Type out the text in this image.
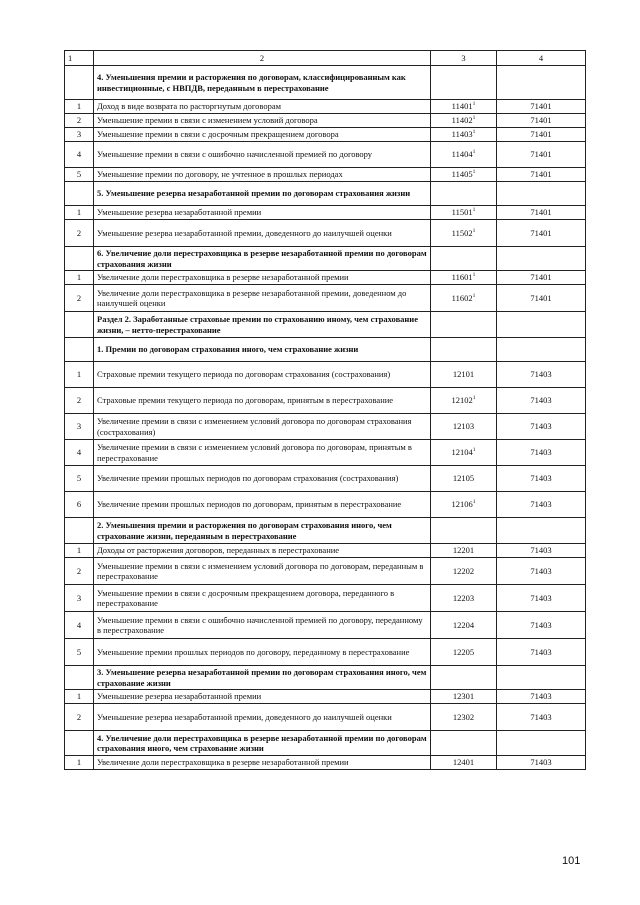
1	2	3	4
	4. Уменьшения премии и расторжения по договорам, классифицированным как инвестиционные, с НВПДВ, переданным в перестрахование		
1	Доход в виде возврата по расторгнутым договорам	11401$^1$	71401
2	Уменьшение премии в связи с изменением условий договора	11402$^1$	71401
3	Уменьшение премии в связи с досрочным прекращением договора	11403$^1$	71401
4	Уменьшение премии в связи с ошибочно начисленной премией по договору	11404$^1$	71401
5	Уменьшение премии по договору, не учтенное в прошлых периодах	11405$^1$	71401
	5. Уменьшение резерва незаработанной премии по договорам страхования жизни		
1	Уменьшение резерва незаработанной премии	11501$^1$	71401
2	Уменьшение резерва незаработанной премии, доведенного до наилучшей оценки	11502$^1$	71401
	6. Увеличение доли перестраховщика в резерве незаработанной премии по договорам страхования жизни		
1	Увеличение доли перестраховщика в резерве незаработанной премии	11601$^1$	71401
2	Увеличение доли перестраховщика в резерве незаработанной премии, доведенном до наилучшей оценки	11602$^1$	71401
	Раздел 2. Заработанные страховые премии по страхованию иному, чем страхование жизни, – нетто-перестрахование		
	1. Премии по договорам страхования иного, чем страхование жизни		
1	Страховые премии текущего периода по договорам страхования (сострахования)	12101	71403
2	Страховые премии текущего периода по договорам, принятым в перестрахование	12102$^1$	71403
3	Увеличение премии в связи с изменением условий договора по договорам страхования (сострахования)	12103	71403
4	Увеличение премии в связи с изменением условий договора по договорам, принятым в перестрахование	12104$^1$	71403
5	Увеличение премии прошлых периодов по договорам страхования (сострахования)	12105	71403
6	Увеличение премии прошлых периодов по договорам, принятым в перестрахование	12106$^1$	71403
	2. Уменьшения премии и расторжения по договорам страхования иного, чем страхование жизни, переданным в перестрахование		
1	Доходы от расторжения договоров, переданных в перестрахование	12201	71403
2	Уменьшение премии в связи с изменением условий договора по договорам, переданным в перестрахование	12202	71403
3	Уменьшение премии в связи с досрочным прекращением договора, переданного в перестрахование	12203	71403
4	Уменьшение премии в связи с ошибочно начисленной премией по договору, переданному в перестрахование	12204	71403
5	Уменьшение премии прошлых периодов по договору, переданному в перестрахование	12205	71403
	3. Уменьшение резерва незаработанной премии по договорам страхования иного, чем страхование жизни		
1	Уменьшение резерва незаработанной премии	12301	71403
2	Уменьшение резерва незаработанной премии, доведенного до наилучшей оценки	12302	71403
	4. Увеличение доли перестраховщика в резерве незаработанной премии по договорам страхования иного, чем страхование жизни		
1	Увеличение доли перестраховщика в резерве незаработанной премии	12401	71403
101
